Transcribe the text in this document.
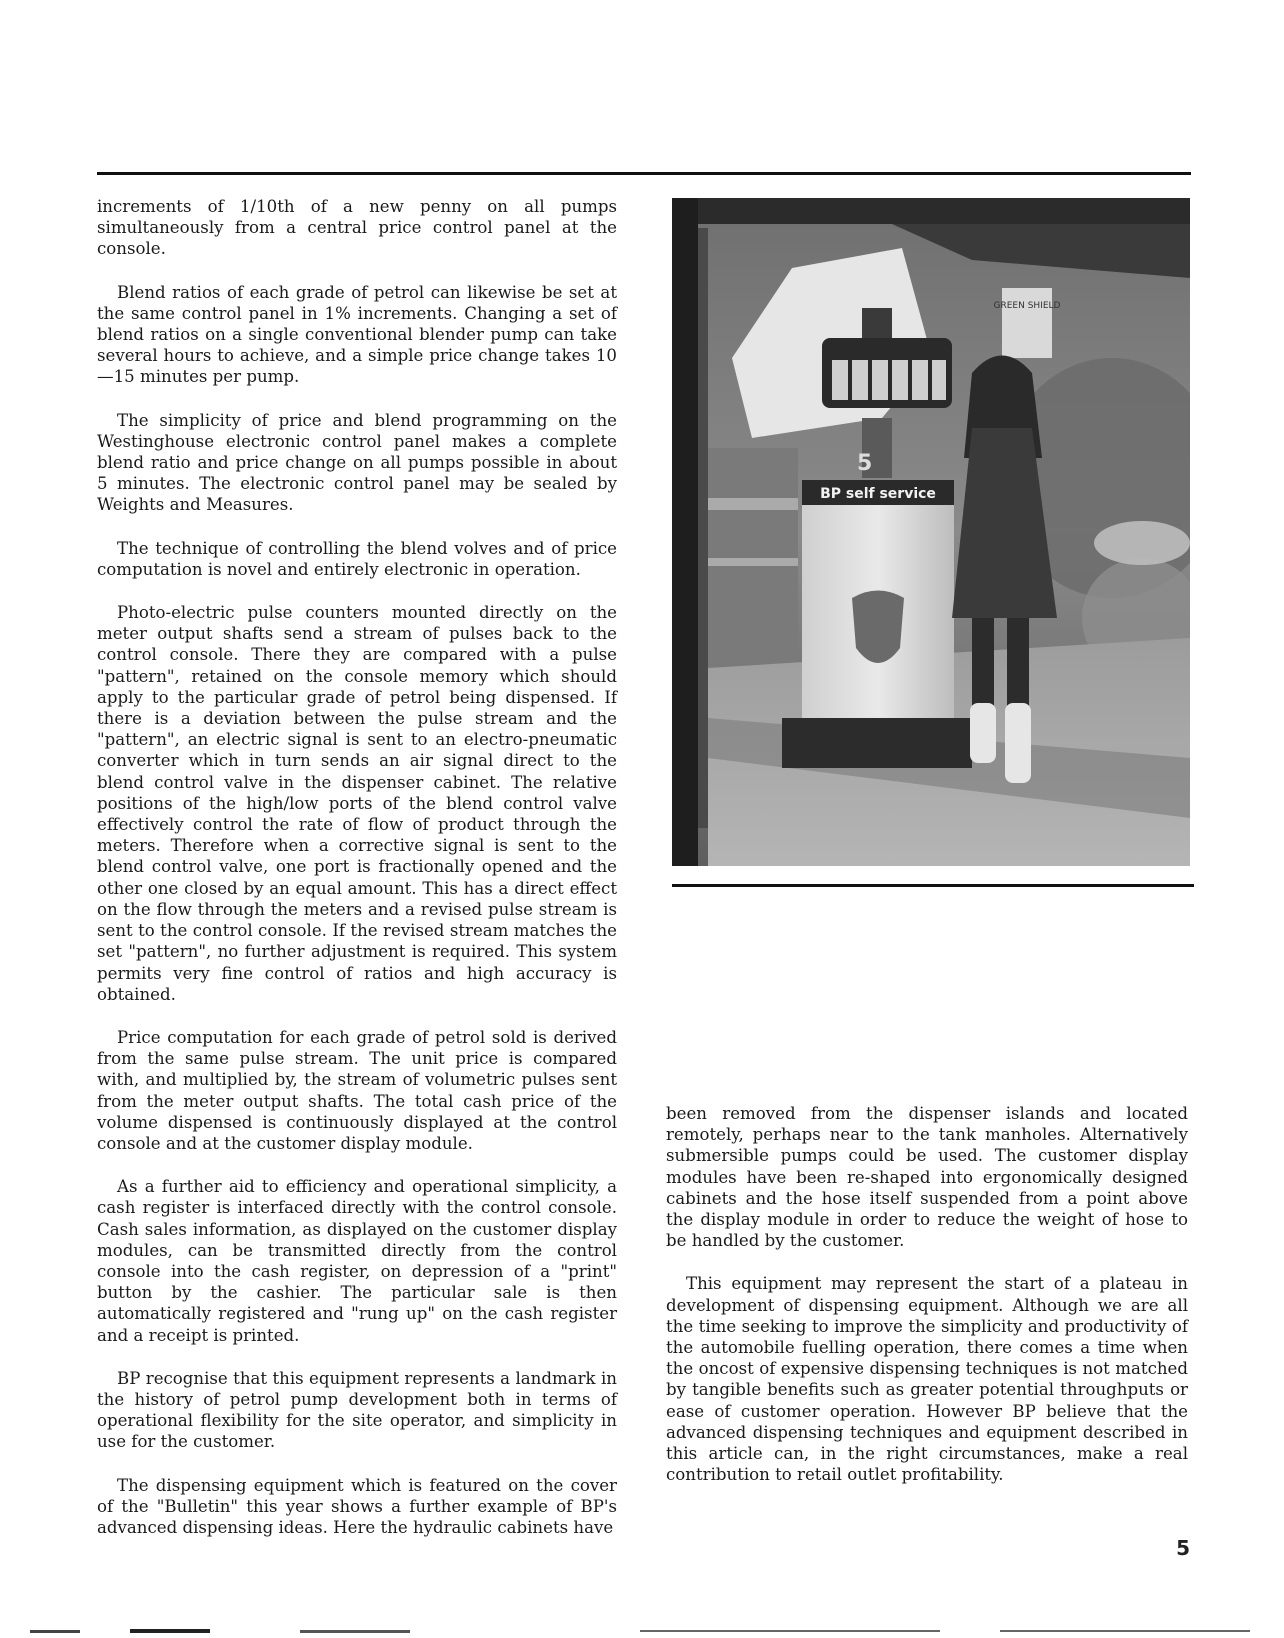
increments of 1/10th of a new penny on all pumps simultaneously from a central price control panel at the console.

Blend ratios of each grade of petrol can likewise be set at the same control panel in 1% increments. Changing a set of blend ratios on a single conventional blender pump can take several hours to achieve, and a simple price change takes 10—15 minutes per pump.

The simplicity of price and blend programming on the Westinghouse electronic control panel makes a complete blend ratio and price change on all pumps possible in about 5 minutes. The electronic control panel may be sealed by Weights and Measures.

The technique of controlling the blend volves and of price computation is novel and entirely electronic in operation.

Photo-electric pulse counters mounted directly on the meter output shafts send a stream of pulses back to the control console. There they are compared with a pulse "pattern", retained on the console memory which should apply to the particular grade of petrol being dispensed. If there is a deviation between the pulse stream and the "pattern", an electric signal is sent to an electro-pneumatic converter which in turn sends an air signal direct to the blend control valve in the dispenser cabinet. The relative positions of the high/low ports of the blend control valve effectively control the rate of flow of product through the meters. Therefore when a corrective signal is sent to the blend control valve, one port is fractionally opened and the other one closed by an equal amount. This has a direct effect on the flow through the meters and a revised pulse stream is sent to the control console. If the revised stream matches the set "pattern", no further adjustment is required. This system permits very fine control of ratios and high accuracy is obtained.

Price computation for each grade of petrol sold is derived from the same pulse stream. The unit price is compared with, and multiplied by, the stream of volumetric pulses sent from the meter output shafts. The total cash price of the volume dispensed is continuously displayed at the control console and at the customer display module.

As a further aid to efficiency and operational simplicity, a cash register is interfaced directly with the control console. Cash sales information, as displayed on the customer display modules, can be transmitted directly from the control console into the cash register, on depression of a "print" button by the cashier. The particular sale is then automatically registered and "rung up" on the cash register and a receipt is printed.

BP recognise that this equipment represents a landmark in the history of petrol pump development both in terms of operational flexibility for the site operator, and simplicity in use for the customer.

The dispensing equipment which is featured on the cover of the "Bulletin" this year shows a further example of BP's advanced dispensing ideas. Here the hydraulic cabinets have

GREEN SHIELD
5
BP self service

been removed from the dispenser islands and located remotely, perhaps near to the tank manholes. Alternatively submersible pumps could be used. The customer display modules have been re-shaped into ergonomically designed cabinets and the hose itself suspended from a point above the display module in order to reduce the weight of hose to be handled by the customer.

This equipment may represent the start of a plateau in development of dispensing equipment. Although we are all the time seeking to improve the simplicity and productivity of the automobile fuelling operation, there comes a time when the oncost of expensive dispensing techniques is not matched by tangible benefits such as greater potential throughputs or ease of customer operation. However BP believe that the advanced dispensing techniques and equipment described in this article can, in the right circumstances, make a real contribution to retail outlet profitability.

5
